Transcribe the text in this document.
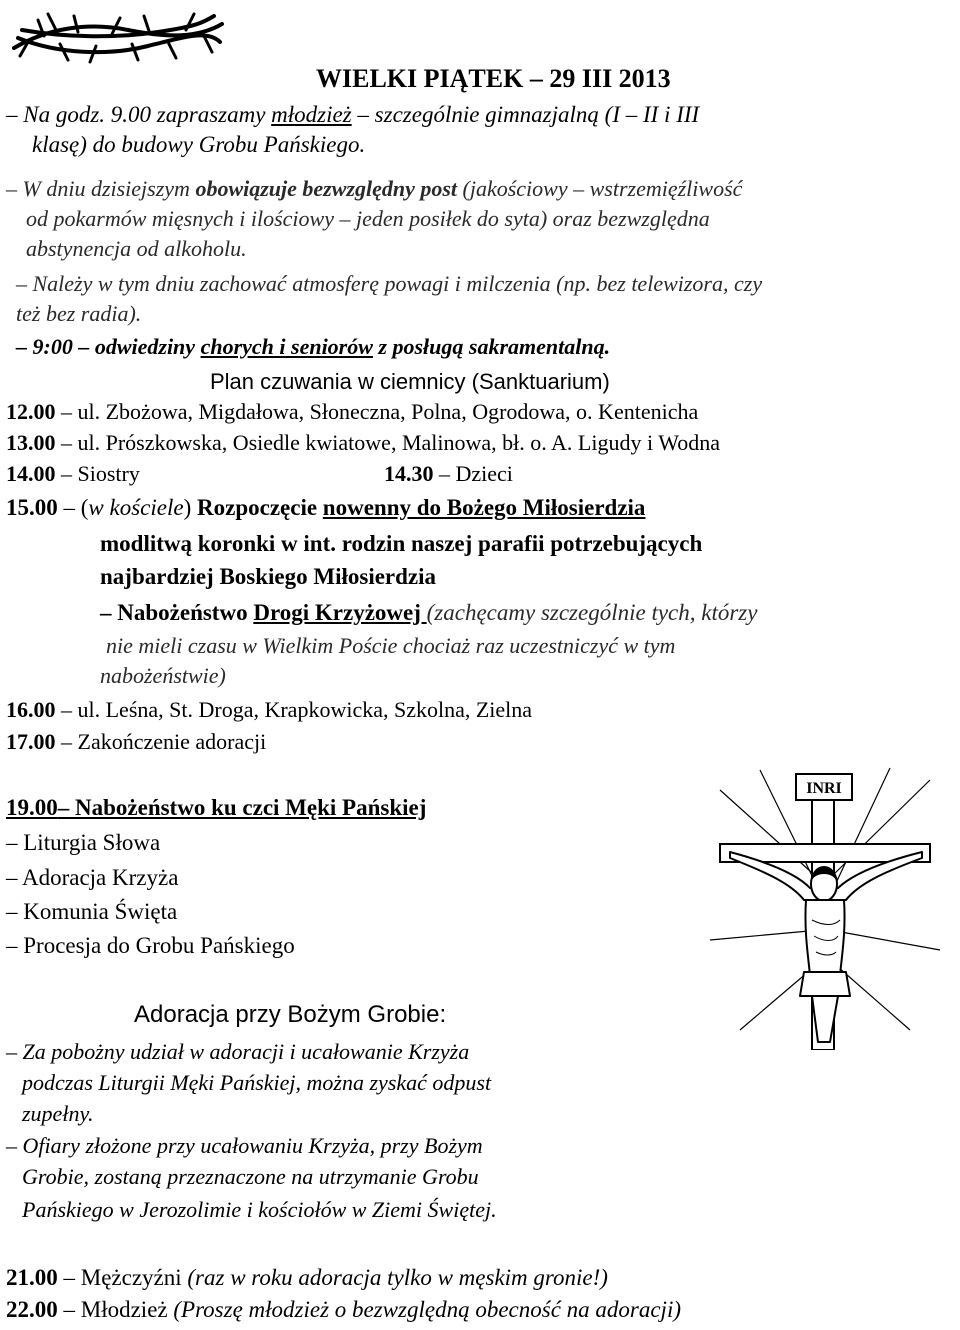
WIELKI PIĄTEK – 29 III 2013
– Na godz. 9.00 zapraszamy młodzież – szczególnie gimnazjalną (I – II i III
klasę) do budowy Grobu Pańskiego.
– W dniu dzisiejszym obowiązuje bezwzględny post (jakościowy – wstrzemięźliwość
od pokarmów mięsnych i ilościowy – jeden posiłek do syta) oraz bezwzględna
abstynencja od alkoholu.
– Należy w tym dniu zachować atmosferę powagi i milczenia (np. bez telewizora, czy
też bez radia).
– 9:00 – odwiedziny chorych i seniorów z posługą sakramentalną.
Plan czuwania w ciemnicy (Sanktuarium)
12.00 – ul. Zbożowa, Migdałowa, Słoneczna, Polna, Ogrodowa, o. Kentenicha
13.00 – ul. Prószkowska, Osiedle kwiatowe, Malinowa, bł. o. A. Ligudy i Wodna
14.00 – Siostry	14.30 – Dzieci
15.00 – (w kościele) Rozpoczęcie nowenny do Bożego Miłosierdzia
modlitwą koronki w int. rodzin naszej parafii potrzebujących
najbardziej Boskiego Miłosierdzia
– Nabożeństwo Drogi Krzyżowej (zachęcamy szczególnie tych, którzy
nie mieli czasu w Wielkim Poście chociaż raz uczestniczyć w tym
nabożeństwie)
16.00 – ul. Leśna, St. Droga, Krapkowicka, Szkolna, Zielna
17.00 – Zakończenie adoracji
19.00– Nabożeństwo ku czci Męki Pańskiej
– Liturgia Słowa
– Adoracja Krzyża
– Komunia Święta
– Procesja do Grobu Pańskiego
INRI
Adoracja przy Bożym Grobie:
– Za pobożny udział w adoracji i ucałowanie Krzyża
podczas Liturgii Męki Pańskiej, można zyskać odpust
zupełny.
– Ofiary złożone przy ucałowaniu Krzyża, przy Bożym
Grobie, zostaną przeznaczone na utrzymanie Grobu
Pańskiego w Jerozolimie i kościołów w Ziemi Świętej.
21.00 – Mężczyźni (raz w roku adoracja tylko w męskim gronie!)
22.00 – Młodzież (Proszę młodzież o bezwzględną obecność na adoracji)
